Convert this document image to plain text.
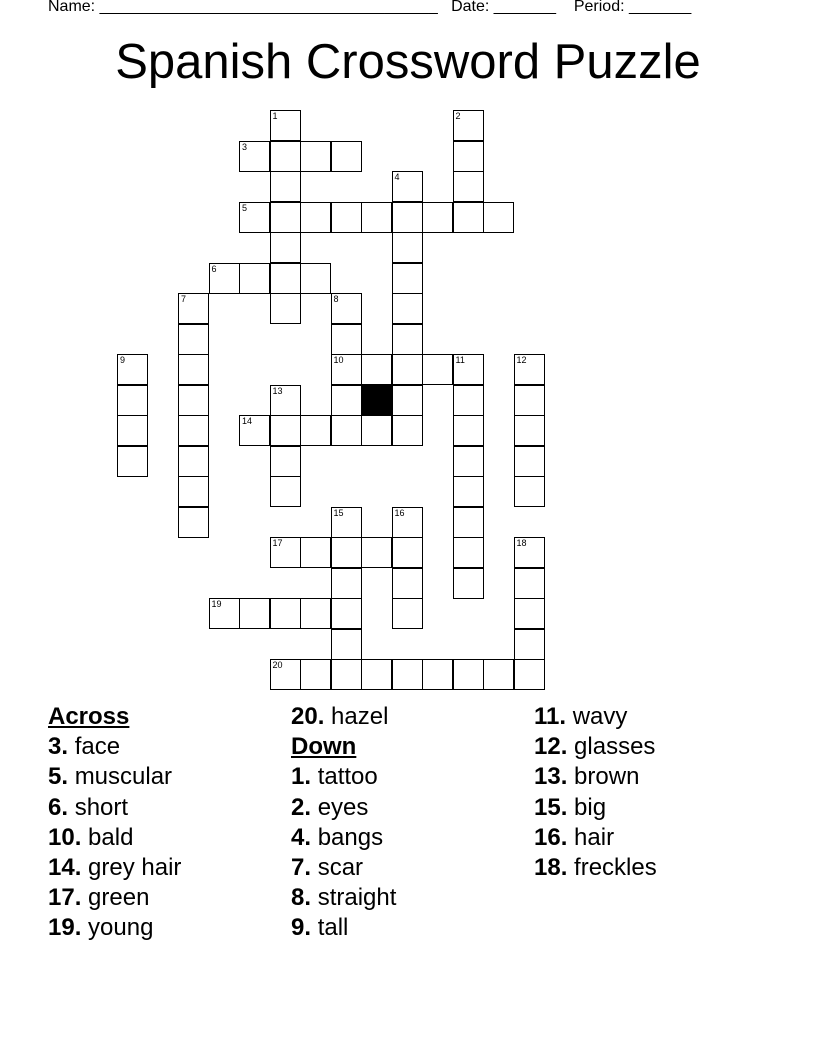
Name: ______________________________________ Date: _______ Period: _______
Spanish Crossword Puzzle
3
5
6
10	11
14
17
19
20
1	2
4
7	8
9	12
13
15	16
18
Across
3. face
5. muscular
6. short
10. bald
14. grey hair
17. green
19. young
20. hazel
Down
1. tattoo
2. eyes
4. bangs
7. scar
8. straight
9. tall
11. wavy
12. glasses
13. brown
15. big
16. hair
18. freckles
